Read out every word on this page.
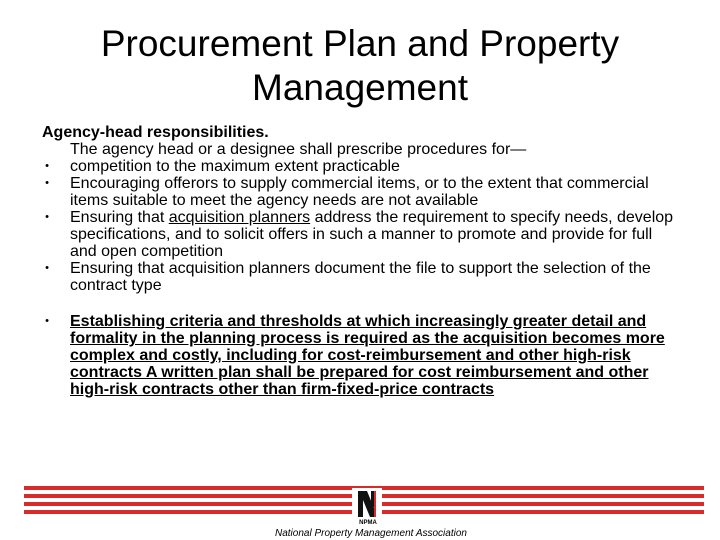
Procurement Plan and Property
Management
Agency-head responsibilities.
The agency head or a designee shall prescribe procedures for—
• competition to the maximum extent practicable
• Encouraging offerors to supply commercial items, or to the extent that commercial items suitable to meet the agency needs are not available
• Ensuring that acquisition planners address the requirement to specify needs, develop specifications, and to solicit offers in such a manner to promote and provide for full and open competition
• Ensuring that acquisition planners document the file to support the selection of the contract type
• Establishing criteria and thresholds at which increasingly greater detail and formality in the planning process is required as the acquisition becomes more complex and costly, including for cost-reimbursement and other high-risk contracts A written plan shall be prepared for cost reimbursement and other high-risk contracts other than firm-fixed-price contracts
NPMA
National Property Management Association
